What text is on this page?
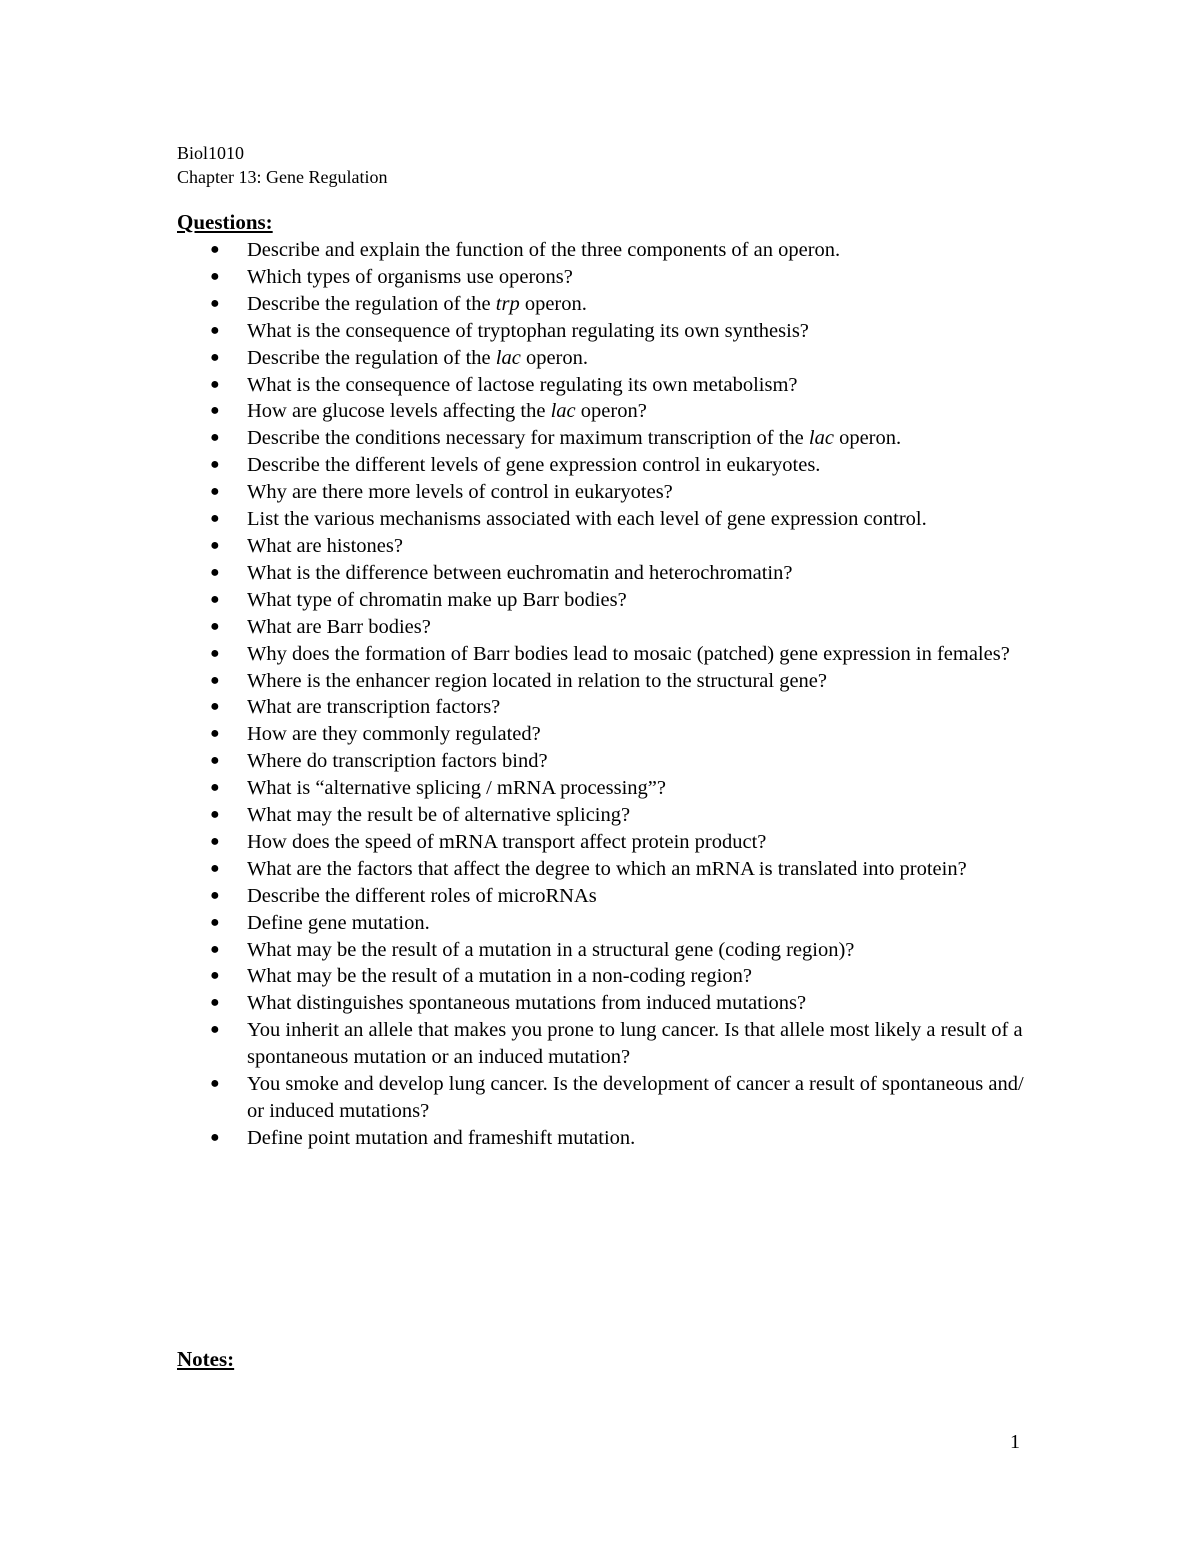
Biol1010
Chapter 13: Gene Regulation
Questions:
● Describe and explain the function of the three components of an operon.
● Which types of organisms use operons?
● Describe the regulation of the trp operon.
● What is the consequence of tryptophan regulating its own synthesis?
● Describe the regulation of the lac operon.
● What is the consequence of lactose regulating its own metabolism?
● How are glucose levels affecting the lac operon?
● Describe the conditions necessary for maximum transcription of the lac operon.
● Describe the different levels of gene expression control in eukaryotes.
● Why are there more levels of control in eukaryotes?
● List the various mechanisms associated with each level of gene expression control.
● What are histones?
● What is the difference between euchromatin and heterochromatin?
● What type of chromatin make up Barr bodies?
● What are Barr bodies?
● Why does the formation of Barr bodies lead to mosaic (patched) gene expression in females?
● Where is the enhancer region located in relation to the structural gene?
● What are transcription factors?
● How are they commonly regulated?
● Where do transcription factors bind?
● What is “alternative splicing / mRNA processing”?
● What may the result be of alternative splicing?
● How does the speed of mRNA transport affect protein product?
● What are the factors that affect the degree to which an mRNA is translated into protein?
● Describe the different roles of microRNAs
● Define gene mutation.
● What may be the result of a mutation in a structural gene (coding region)?
● What may be the result of a mutation in a non-coding region?
● What distinguishes spontaneous mutations from induced mutations?
● You inherit an allele that makes you prone to lung cancer. Is that allele most likely a result of a spontaneous mutation or an induced mutation?
● You smoke and develop lung cancer. Is the development of cancer a result of spontaneous and/ or induced mutations?
● Define point mutation and frameshift mutation.
Notes:
1
